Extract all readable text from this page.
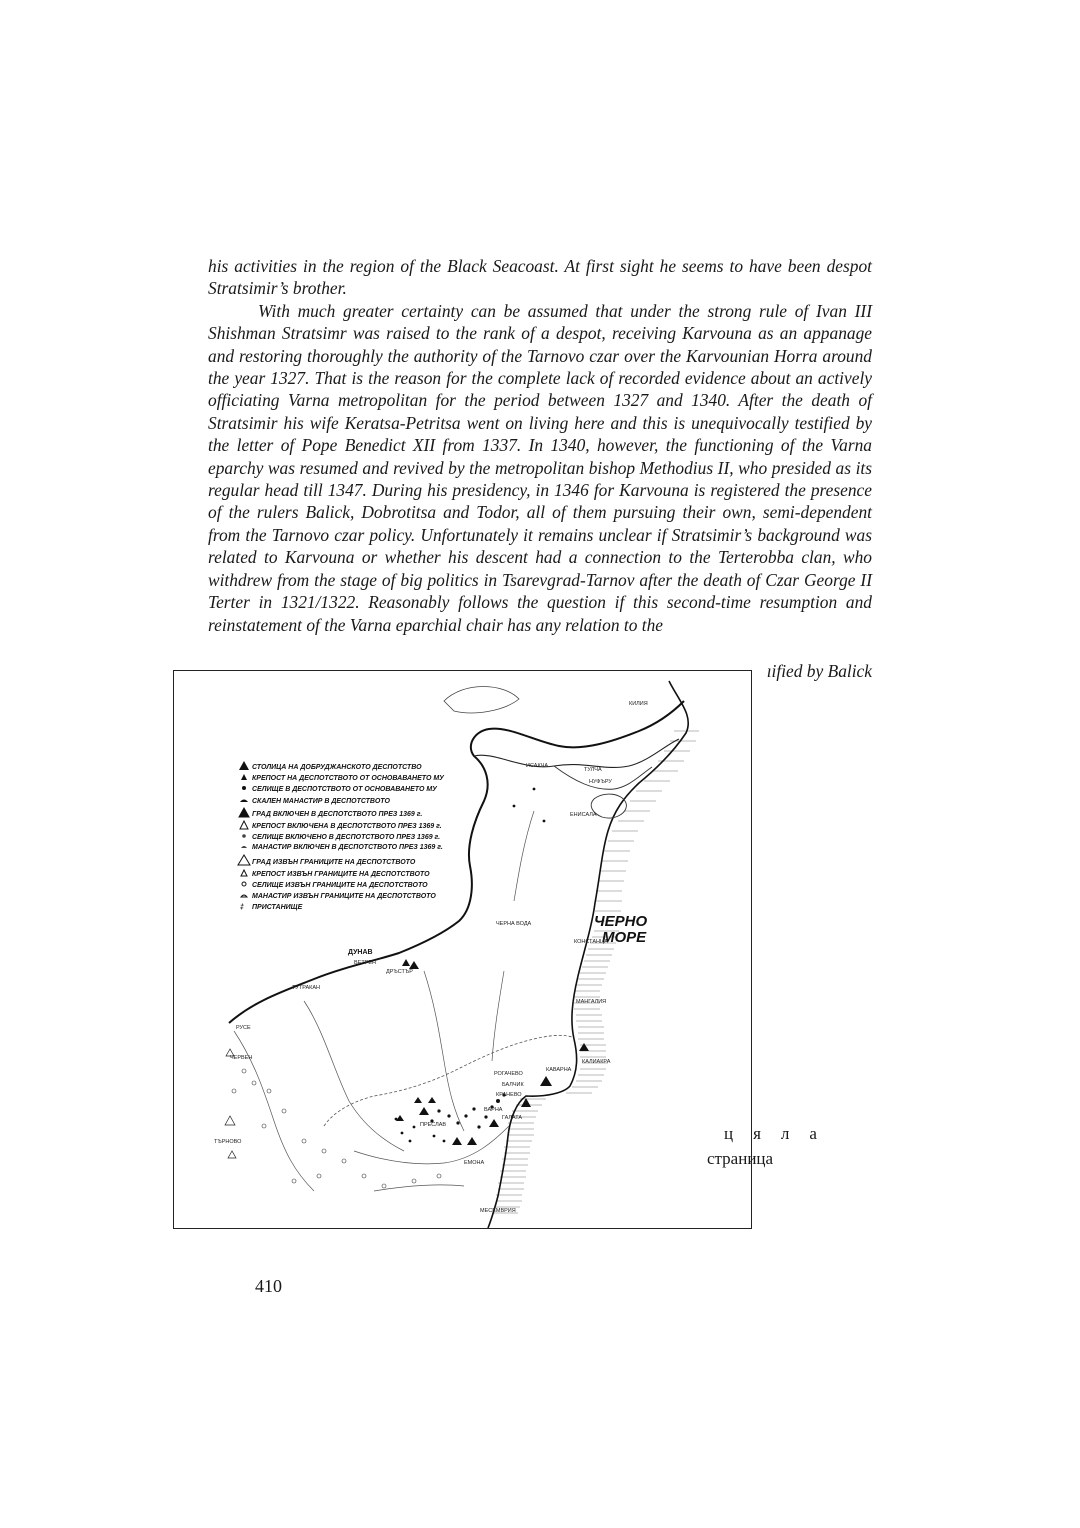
his activities in the region of the Black Seacoast. At first sight he seems to have been despot Stratsimir’s brother.

With much greater certainty can be assumed that under the strong rule of Ivan III Shishman Stratsimr was raised to the rank of a despot, receiving Karvouna as an appanage and restoring thoroughly the authority of the Tarnovo czar over the Karvounian Horra around the year 1327. That is the reason for the complete lack of recorded evidence about an actively officiating Varna metropolitan for the period between 1327 and 1340. After the death of Stratsimir his wife Keratsa-Petritsa went on living here and this is unequivocally testified by the letter of Pope Benedict XII from 1337. In 1340, however, the functioning of the Varna eparchy was resumed and revived by the metropolitan bishop Methodius II, who presided as its regular head till 1347. During his presidency, in 1346 for Karvouna is registered the presence of the rulers Balick, Dobrotitsa and Todor, all of them pursuing their own, semi-dependent from the Tarnovo czar policy. Unfortunately it remains unclear if Stratsimir’s background was related to Karvouna or whether his descent had a connection to the Terterobba clan, who withdrew from the stage of big politics in Tsarevgrad-Tarnov after the death of Czar George II Terter in 1321/1322. Reasonably follows the question if this second-time resumption and reinstatement of the Varna eparchial chair has any relation to the

ıified by Balick
СТОЛИЦА НА ДОБРУДЖАНСКОТО ДЕСПОТСТВО
КРЕПОСТ НА ДЕСПОТСТВОТО ОТ ОСНОВАВАНЕТО МУ
СЕЛИЩЕ В ДЕСПОТСТВОТО ОТ ОСНОВАВАНЕТО МУ
СКАЛЕН МАНАСТИР В ДЕСПОТСТВОТО
ГРАД ВКЛЮЧЕН В ДЕСПОТСТВОТО ПРЕЗ 1369 г.
КРЕПОСТ ВКЛЮЧЕНА В ДЕСПОТСТВОТО ПРЕЗ 1369 г.
СЕЛИЩЕ ВКЛЮЧЕНО В ДЕСПОТСТВОТО ПРЕЗ 1369 г.
МАНАСТИР ВКЛЮЧЕН В ДЕСПОТСТВОТО ПРЕЗ 1369 г.
ГРАД ИЗВЪН ГРАНИЦИТЕ НА ДЕСПОТСТВОТО
КРЕПОСТ ИЗВЪН ГРАНИЦИТЕ НА ДЕСПОТСТВОТО
СЕЛИЩЕ ИЗВЪН ГРАНИЦИТЕ НА ДЕСПОТСТВОТО
МАНАСТИР ИЗВЪН ГРАНИЦИТЕ НА ДЕСПОТСТВОТО
‡ ПРИСТАНИЩЕ
ЧЕРНО
МОРЕ
ДУНАВ
КИЛИЯ
ИСАКЧА
ТУЛЧА
НУФЪРУ
ЕНИСАЛА
ЧЕРНА ВОДА
КОНСТАНЦА
ДРЪСТЪР
ВЕТРЕН
ТУТРАКАН
РУСЕ
ЧЕРВЕН
МАНГАЛИЯ
КАВАРНА
КАЛИАКРА
БАЛЧИК
ВАРНА
ГАЛАТА
ПРЕСЛАВ
ТЪРНОВО
МЕСЕМВРИЯ
ЕМОНА
КРАНЕВО
РОГАЧЕВО
цяла
страница
410
